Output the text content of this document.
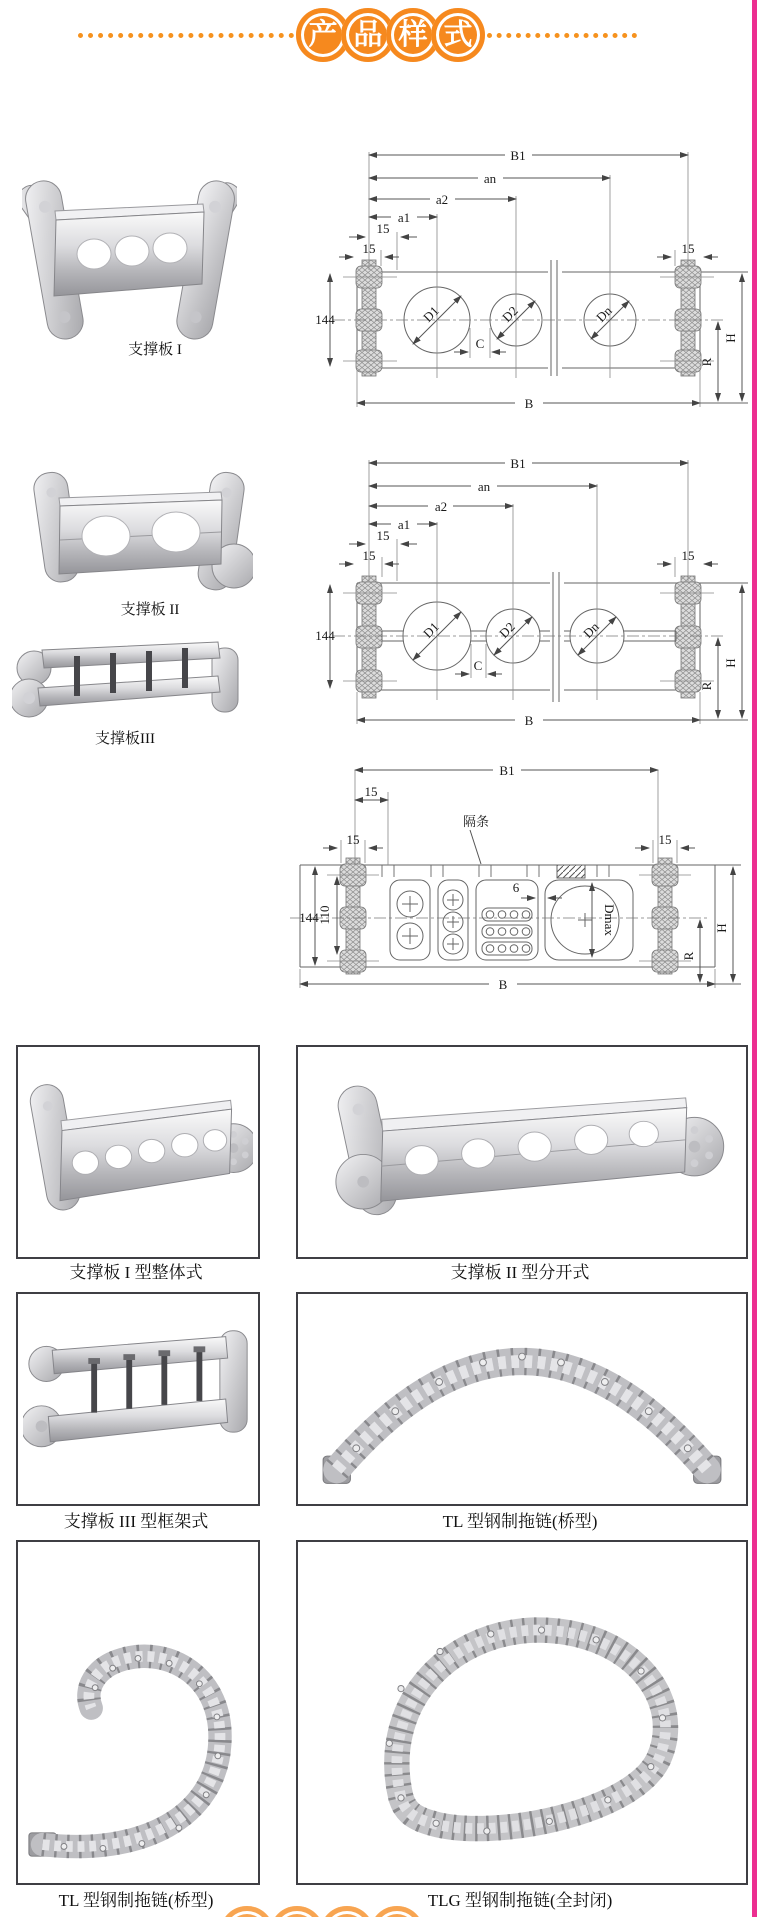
产 品 样 式
支撑板 I
D1	D2	Dn
B1
an
a2
a1
15
15	15
144
C
B
H
R
支撑板 II
D1	D2	Dn
B1
an
a2
a1
15
15	15
144
C
B
H
R
支撑板III
B1
15
隔条
15	15
144
110
6
Dmax
B
R
H
支撑板 I 型整体式	支撑板 II 型分开式
支撑板 III 型框架式	TL 型钢制拖链(桥型)
TL 型钢制拖链(桥型)	TLG 型钢制拖链(全封闭)
